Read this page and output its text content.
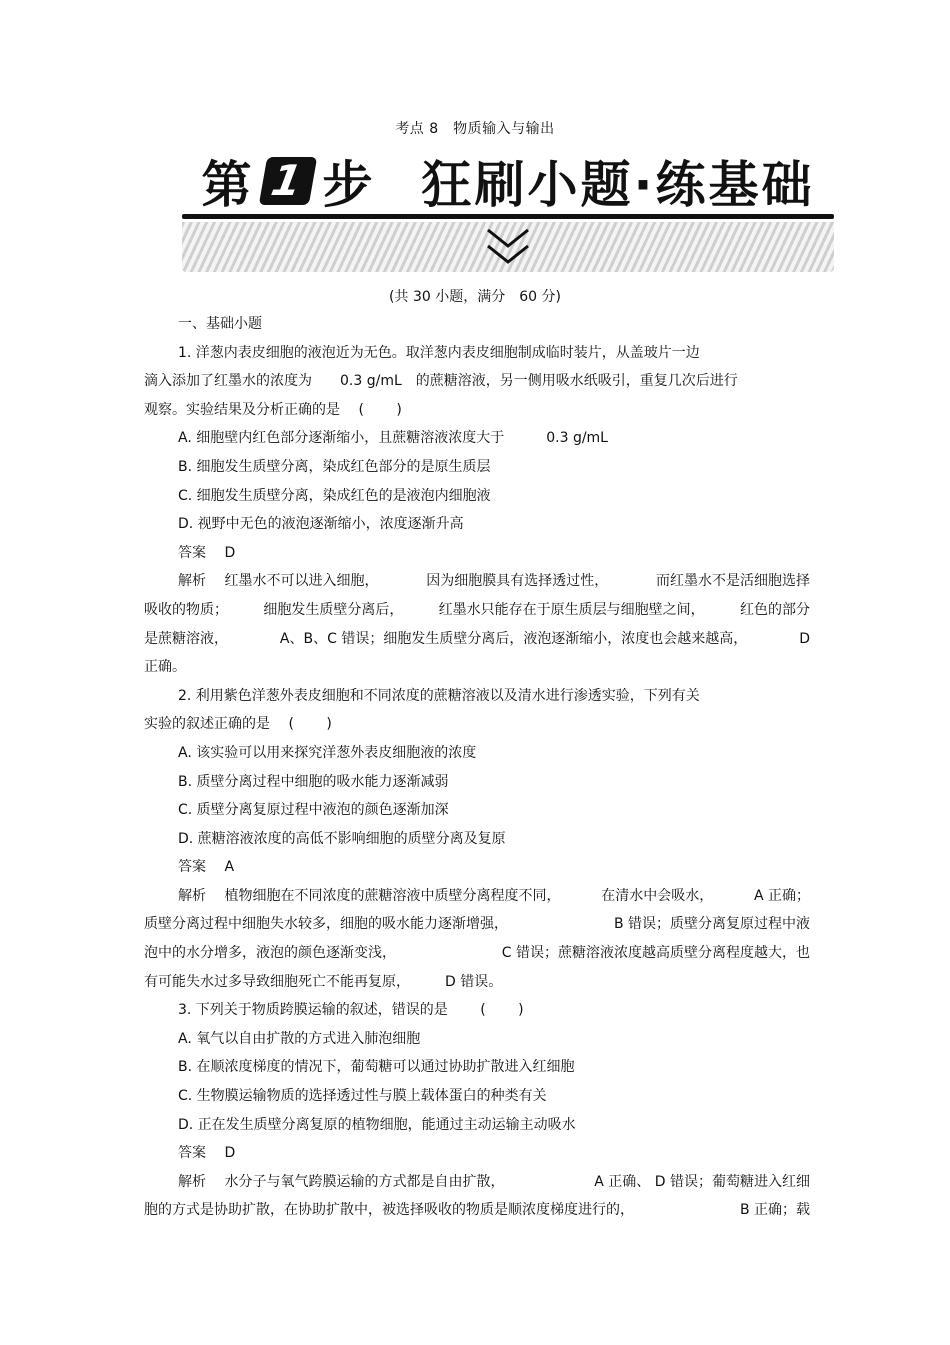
考点 8　物质输入与输出
第 1 步 狂刷小题·练基础
(共 30 小题，满分　60 分)
一、基础小题
1. 洋葱内表皮细胞的液泡近为无色。取洋葱内表皮细胞制成临时装片，从盖玻片一边
滴入添加了红墨水的浓度为　　0.3 g/mL　的蔗糖溶液，另一侧用吸水纸吸引，重复几次后进行
观察。实验结果及分析正确的是　 (　　 )
A. 细胞壁内红色部分逐渐缩小，且蔗糖溶液浓度大于　　　0.3 g/mL
B. 细胞发生质壁分离，染成红色部分的是原生质层
C. 细胞发生质壁分离，染成红色的是液泡内细胞液
D. 视野中无色的液泡逐渐缩小，浓度逐渐升高
答案　 D
解析　 红墨水不可以进入细胞，	因为细胞膜具有选择透过性，	而红墨水不是活细胞选择
吸收的物质；	细胞发生质壁分离后，	红墨水只能存在于原生质层与细胞壁之间，	红色的部分
是蔗糖溶液，	A、B、C 错误；细胞发生质壁分离后，液泡逐渐缩小，浓度也会越来越高，	D
正确。
2. 利用紫色洋葱外表皮细胞和不同浓度的蔗糖溶液以及清水进行渗透实验，下列有关
实验的叙述正确的是　 (　　 )
A. 该实验可以用来探究洋葱外表皮细胞液的浓度
B. 质壁分离过程中细胞的吸水能力逐渐减弱
C. 质壁分离复原过程中液泡的颜色逐渐加深
D. 蔗糖溶液浓度的高低不影响细胞的质壁分离及复原
答案　 A
解析　 植物细胞在不同浓度的蔗糖溶液中质壁分离程度不同，	在清水中会吸水，	A 正确；
质壁分离过程中细胞失水较多，细胞的吸水能力逐渐增强，	B 错误；质壁分离复原过程中液
泡中的水分增多，液泡的颜色逐渐变浅，	C 错误；蔗糖溶液浓度越高质壁分离程度越大，也
有可能失水过多导致细胞死亡不能再复原，　　　D 错误。
3. 下列关于物质跨膜运输的叙述，错误的是　　 (　　 )
A. 氧气以自由扩散的方式进入肺泡细胞
B. 在顺浓度梯度的情况下，葡萄糖可以通过协助扩散进入红细胞
C. 生物膜运输物质的选择透过性与膜上载体蛋白的种类有关
D. 正在发生质壁分离复原的植物细胞，能通过主动运输主动吸水
答案　 D
解析　 水分子与氧气跨膜运输的方式都是自由扩散，	A 正确、 D 错误；葡萄糖进入红细
胞的方式是协助扩散，在协助扩散中，被选择吸收的物质是顺浓度梯度进行的，	B 正确；载
